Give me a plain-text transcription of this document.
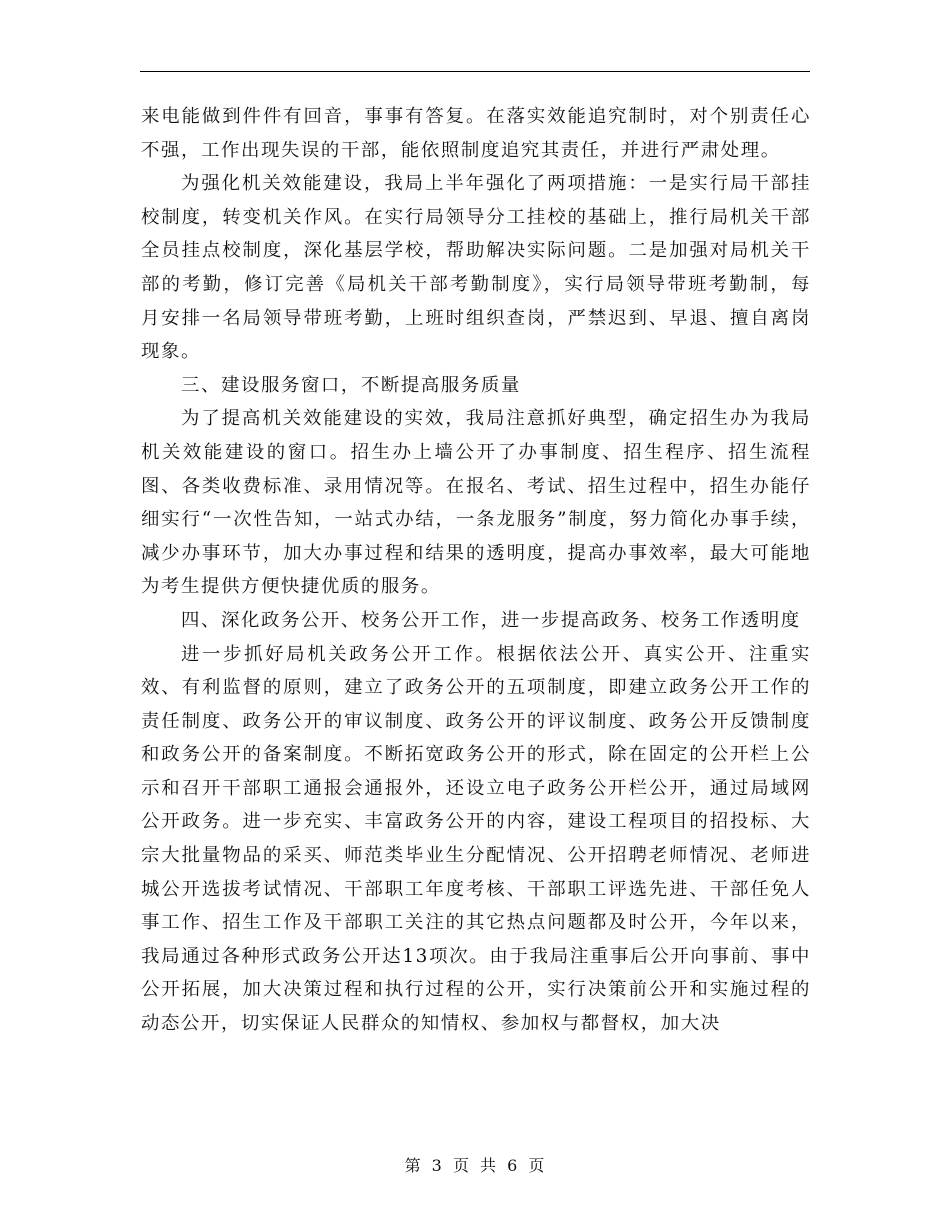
来电能做到件件有回音，事事有答复。在落实效能追究制时，对个别责任心不强，工作出现失误的干部，能依照制度追究其责任，并进行严肃处理。

为强化机关效能建设，我局上半年强化了两项措施：一是实行局干部挂校制度，转变机关作风。在实行局领导分工挂校的基础上，推行局机关干部全员挂点校制度，深化基层学校，帮助解决实际问题。二是加强对局机关干部的考勤，修订完善《局机关干部考勤制度》，实行局领导带班考勤制，每月安排一名局领导带班考勤，上班时组织查岗，严禁迟到、早退、擅自离岗现象。

三、建设服务窗口，不断提高服务质量

为了提高机关效能建设的实效，我局注意抓好典型，确定招生办为我局机关效能建设的窗口。招生办上墙公开了办事制度、招生程序、招生流程图、各类收费标准、录用情况等。在报名、考试、招生过程中，招生办能仔细实行“一次性告知，一站式办结，一条龙服务”制度，努力简化办事手续，减少办事环节，加大办事过程和结果的透明度，提高办事效率，最大可能地为考生提供方便快捷优质的服务。

四、深化政务公开、校务公开工作，进一步提高政务、校务工作透明度

进一步抓好局机关政务公开工作。根据依法公开、真实公开、注重实效、有利监督的原则，建立了政务公开的五项制度，即建立政务公开工作的责任制度、政务公开的审议制度、政务公开的评议制度、政务公开反馈制度和政务公开的备案制度。不断拓宽政务公开的形式，除在固定的公开栏上公示和召开干部职工通报会通报外，还设立电子政务公开栏公开，通过局域网公开政务。进一步充实、丰富政务公开的内容，建设工程项目的招投标、大宗大批量物品的采买、师范类毕业生分配情况、公开招聘老师情况、老师进城公开选拔考试情况、干部职工年度考核、干部职工评选先进、干部任免人事工作、招生工作及干部职工关注的其它热点问题都及时公开，今年以来，我局通过各种形式政务公开达13项次。由于我局注重事后公开向事前、事中公开拓展，加大决策过程和执行过程的公开，实行决策前公开和实施过程的动态公开，切实保证人民群众的知情权、参加权与都督权，加大决

第 3 页 共 6 页
